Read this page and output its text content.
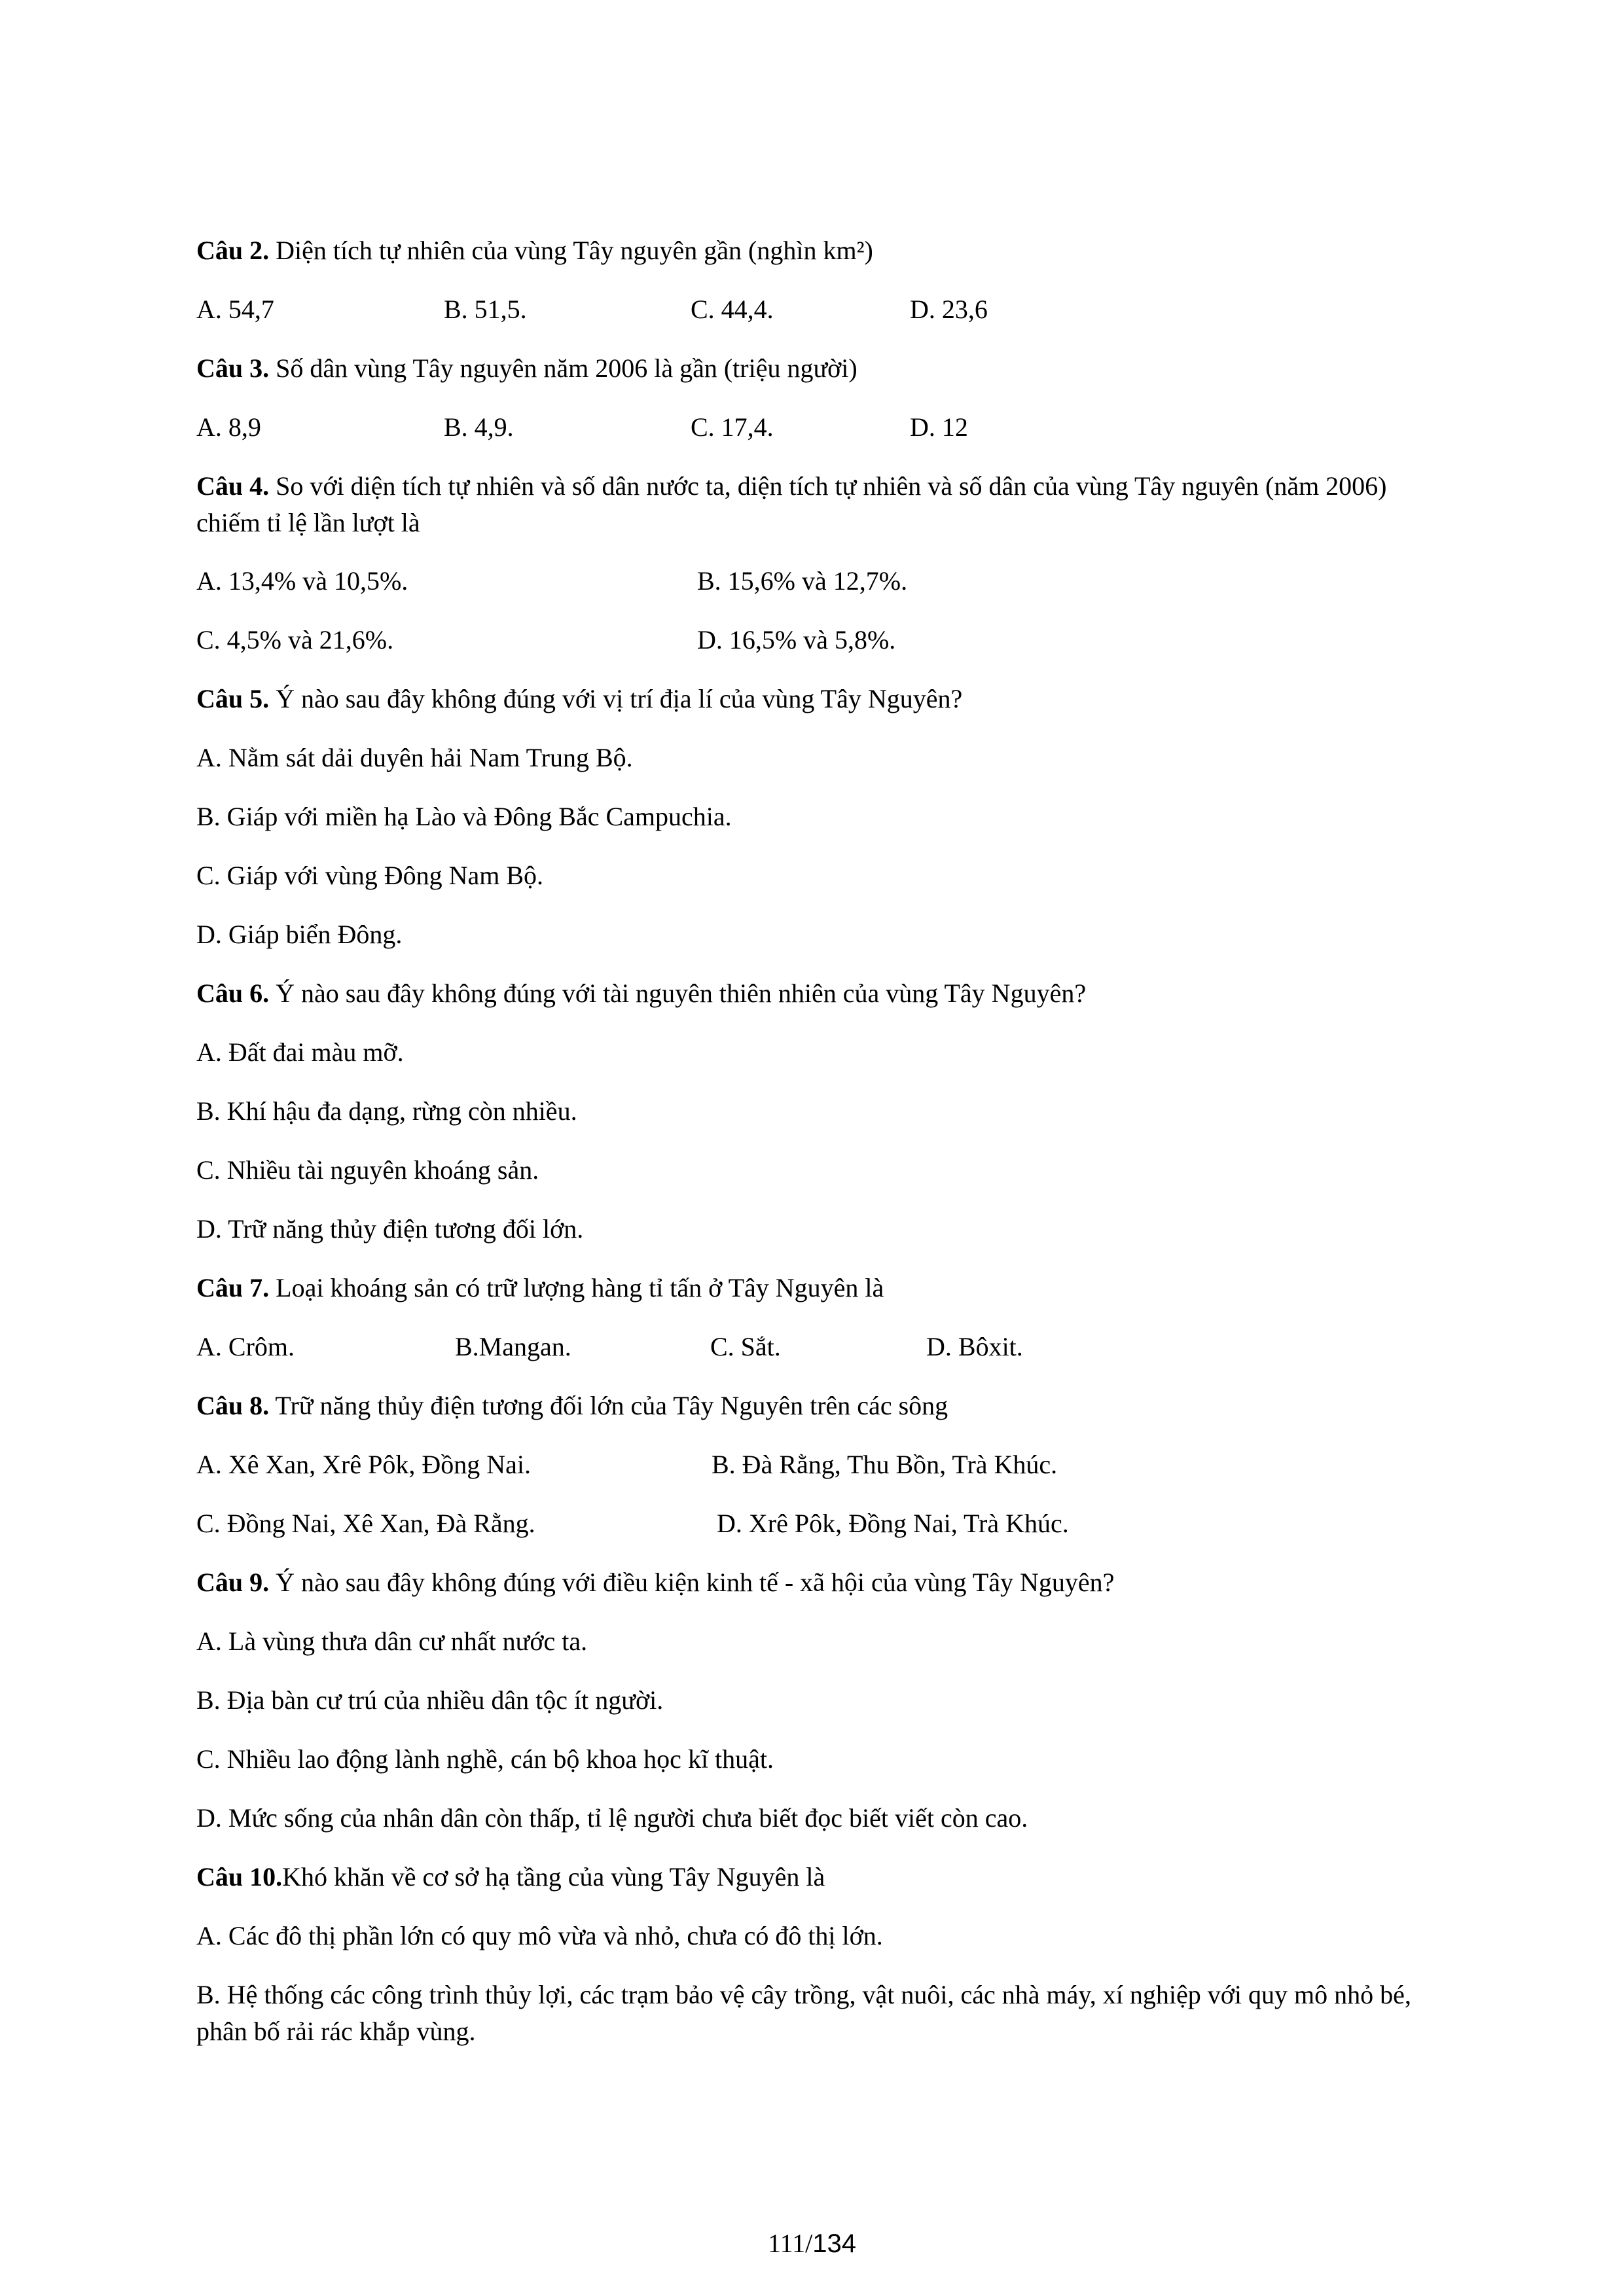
Câu 2. Diện tích tự nhiên của vùng Tây nguyên gần (nghìn km²)
A. 54,7	B. 51,5.	C. 44,4.	D. 23,6
Câu 3. Số dân vùng Tây nguyên năm 2006 là gần (triệu người)
A. 8,9	B. 4,9.	C. 17,4.	D. 12
Câu 4. So với diện tích tự nhiên và số dân nước ta, diện tích tự nhiên và số dân của vùng Tây nguyên (năm 2006) chiếm tỉ lệ lần lượt là
A. 13,4% và 10,5%.	B. 15,6% và 12,7%.
C. 4,5% và 21,6%.	D. 16,5% và 5,8%.
Câu 5. Ý nào sau đây không đúng với vị trí địa lí của vùng Tây Nguyên?
A. Nằm sát dải duyên hải Nam Trung Bộ.
B. Giáp với miền hạ Lào và Đông Bắc Campuchia.
C. Giáp với vùng Đông Nam Bộ.
D. Giáp biển Đông.
Câu 6. Ý nào sau đây không đúng với tài nguyên thiên nhiên của vùng Tây Nguyên?
A. Đất đai màu mỡ.
B. Khí hậu đa dạng, rừng còn nhiều.
C. Nhiều tài nguyên khoáng sản.
D. Trữ năng thủy điện tương đối lớn.
Câu 7. Loại khoáng sản có trữ lượng hàng tỉ tấn ở Tây Nguyên là
A. Crôm.	B.Mangan.	C. Sắt.	D. Bôxit.
Câu 8. Trữ năng thủy điện tương đối lớn của Tây Nguyên trên các sông
A. Xê Xan, Xrê Pôk, Đồng Nai.	B. Đà Rằng, Thu Bồn, Trà Khúc.
C. Đồng Nai, Xê Xan, Đà Rằng.	D. Xrê Pôk, Đồng Nai, Trà Khúc.
Câu 9. Ý nào sau đây không đúng với điều kiện kinh tế - xã hội của vùng Tây Nguyên?
A. Là vùng thưa dân cư nhất nước ta.
B. Địa bàn cư trú của nhiều dân tộc ít người.
C. Nhiều lao động lành nghề, cán bộ khoa học kĩ thuật.
D. Mức sống của nhân dân còn thấp, tỉ lệ người chưa biết đọc biết viết còn cao.
Câu 10.Khó khăn về cơ sở hạ tầng của vùng Tây Nguyên là
A. Các đô thị phần lớn có quy mô vừa và nhỏ, chưa có đô thị lớn.
B. Hệ thống các công trình thủy lợi, các trạm bảo vệ cây trồng, vật nuôi, các nhà máy, xí nghiệp với quy mô nhỏ bé, phân bố rải rác khắp vùng.
111/134
